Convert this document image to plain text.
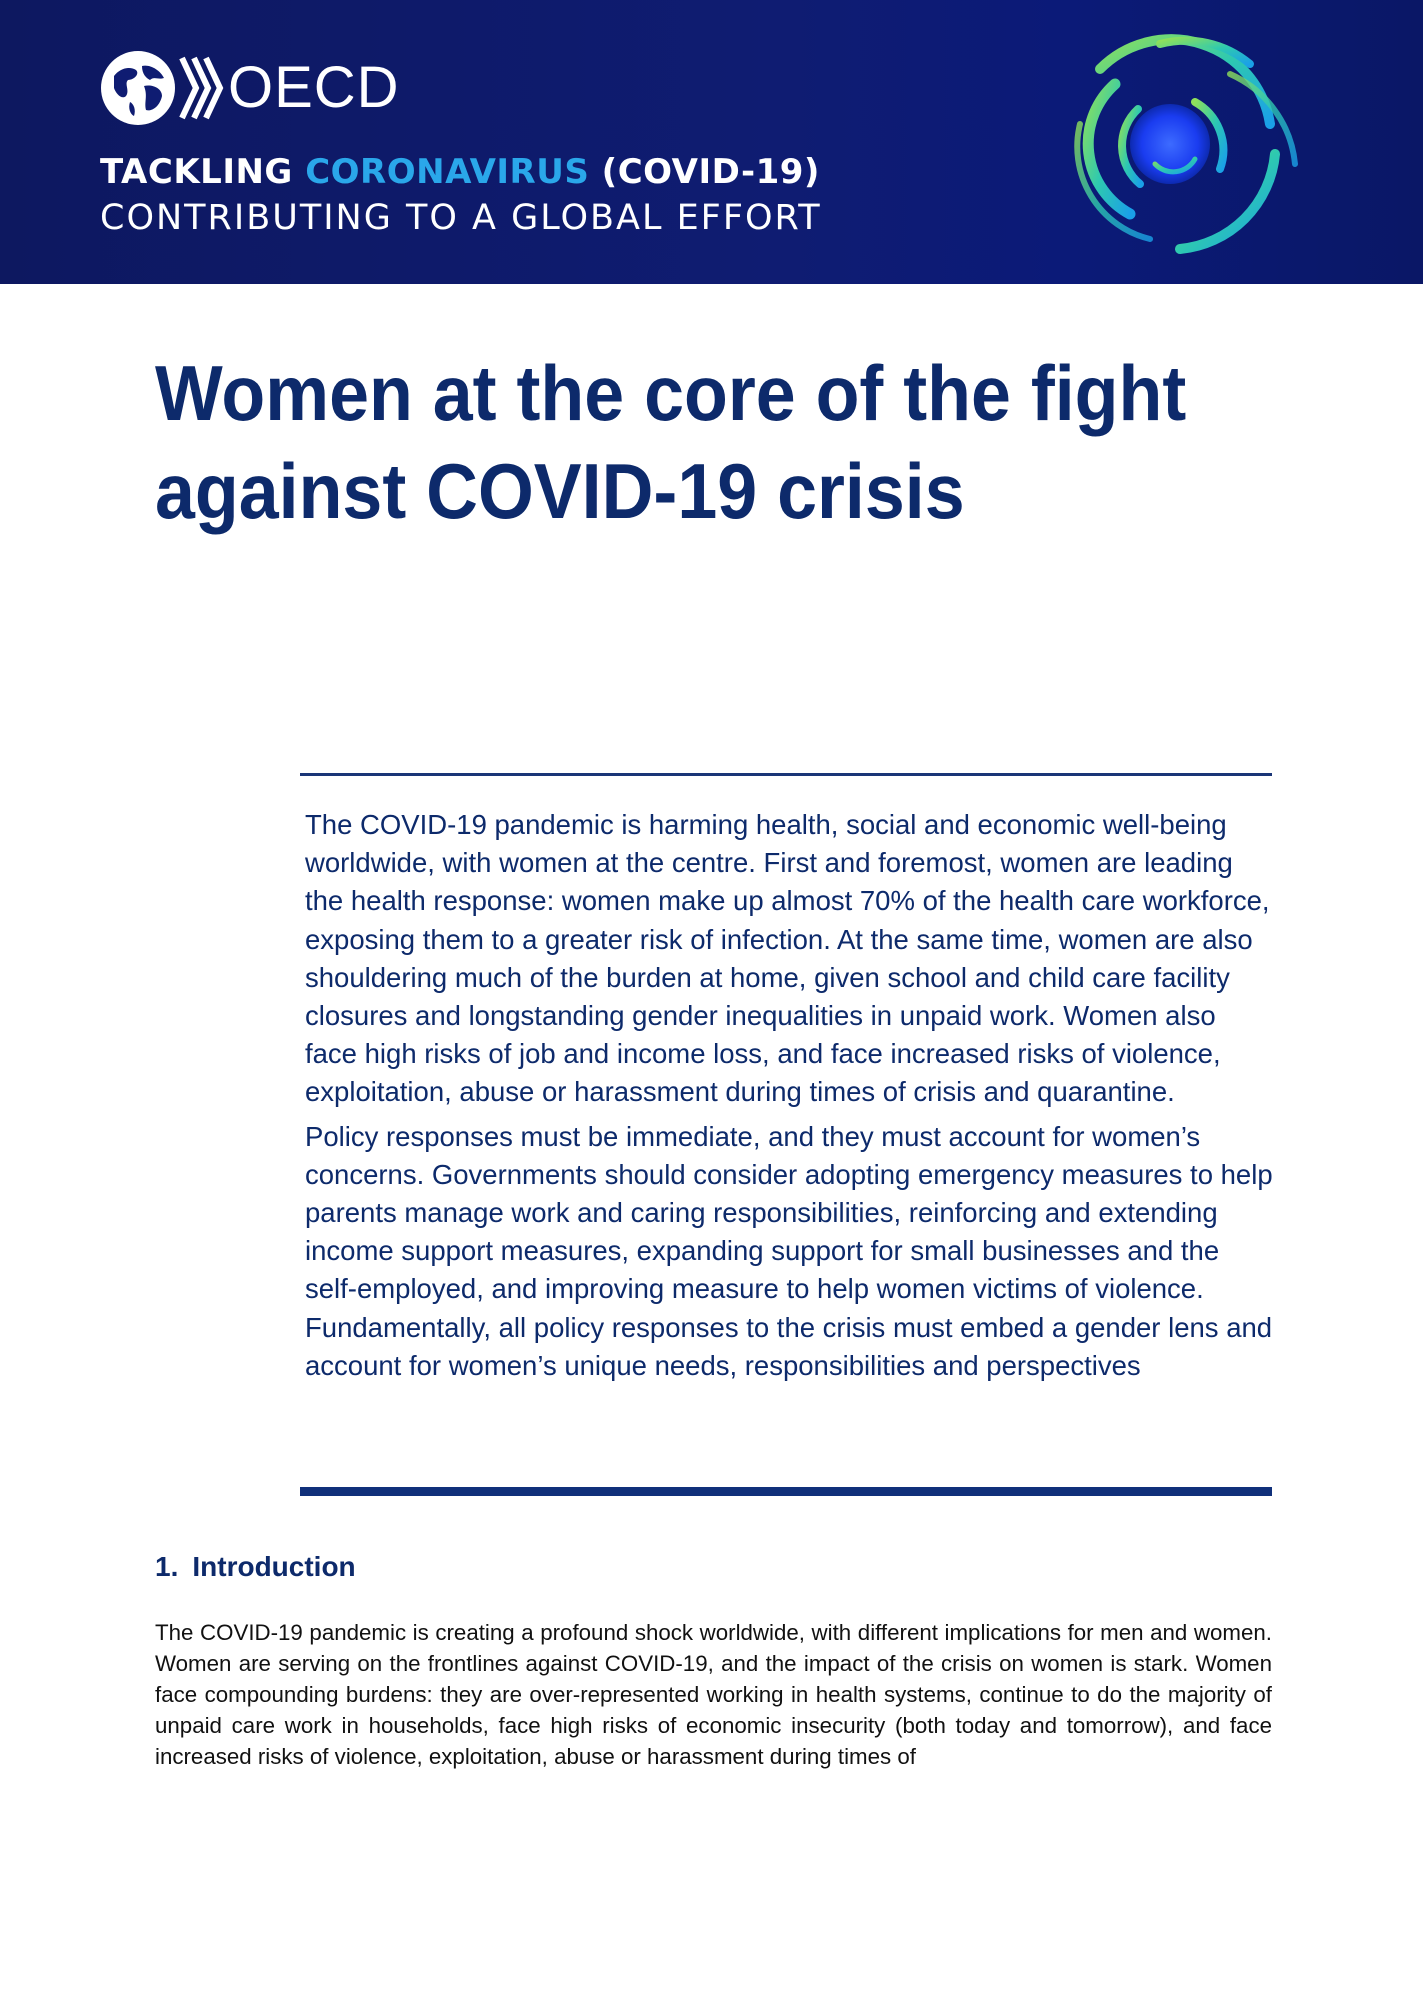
OECD
TACKLING CORONAVIRUS (COVID-19)
CONTRIBUTING TO A GLOBAL EFFORT
Women at the core of the fight
against COVID-19 crisis

The COVID-19 pandemic is harming health, social and economic well-being worldwide, with women at the centre. First and foremost, women are leading the health response: women make up almost 70% of the health care workforce, exposing them to a greater risk of infection. At the same time, women are also shouldering much of the burden at home, given school and child care facility closures and longstanding gender inequalities in unpaid work. Women also face high risks of job and income loss, and face increased risks of violence, exploitation, abuse or harassment during times of crisis and quarantine.

Policy responses must be immediate, and they must account for women’s concerns. Governments should consider adopting emergency measures to help parents manage work and caring responsibilities, reinforcing and extending income support measures, expanding support for small businesses and the self-employed, and improving measure to help women victims of violence. Fundamentally, all policy responses to the crisis must embed a gender lens and account for women’s unique needs, responsibilities and perspectives

1. Introduction

The COVID-19 pandemic is creating a profound shock worldwide, with different implications for men and women. Women are serving on the frontlines against COVID-19, and the impact of the crisis on women is stark. Women face compounding burdens: they are over-represented working in health systems, continue to do the majority of unpaid care work in households, face high risks of economic insecurity (both today and tomorrow), and face increased risks of violence, exploitation, abuse or harassment during times of
